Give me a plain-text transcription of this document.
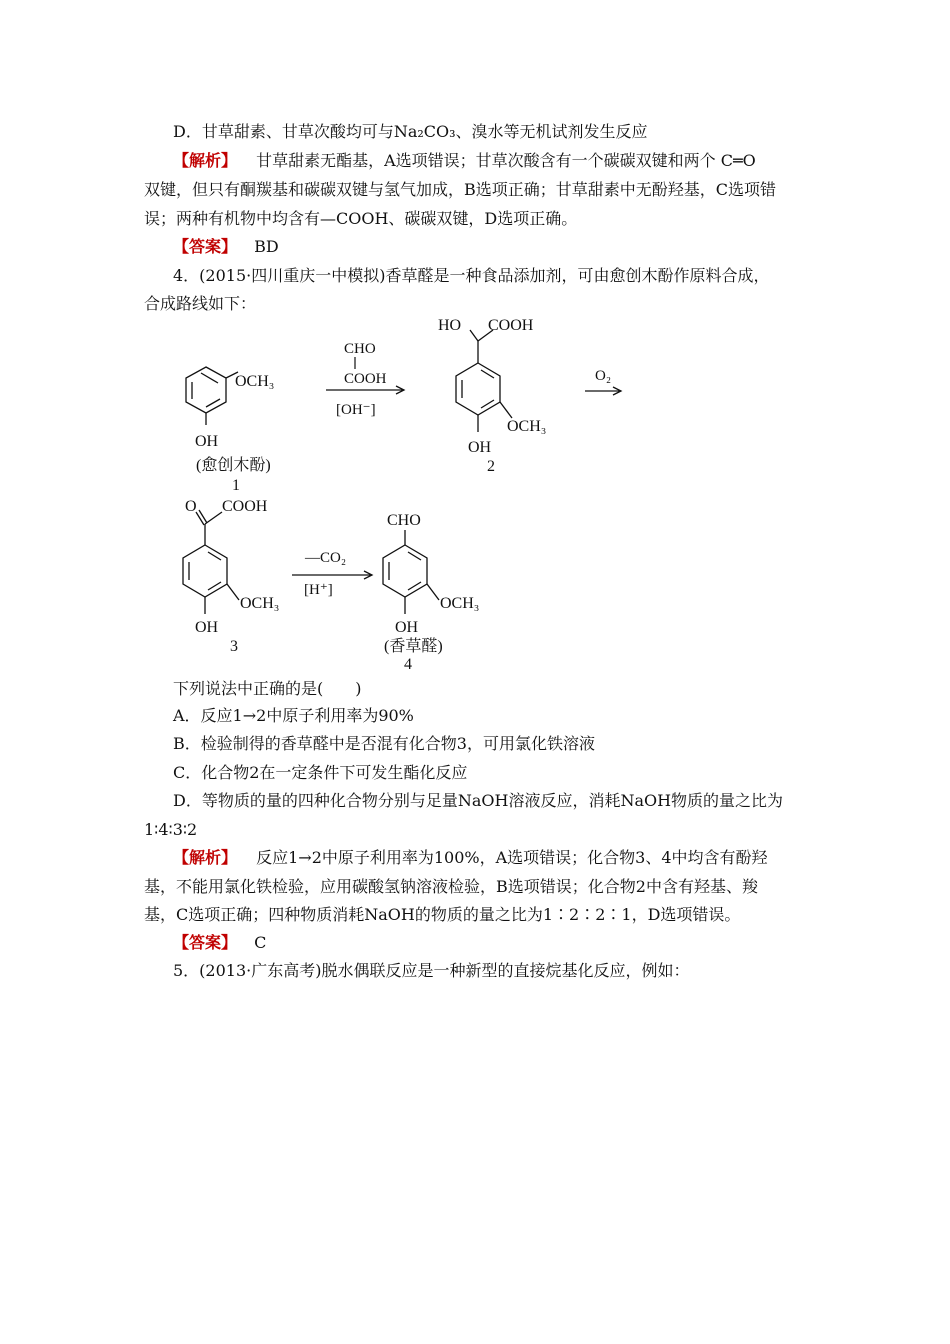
D．甘草甜素、甘草次酸均可与Na₂CO₃、溴水等无机试剂发生反应
【解析】 甘草甜素无酯基，A选项错误；甘草次酸含有一个碳碳双键和两个 C═O
双键，但只有酮羰基和碳碳双键与氢气加成，B选项正确；甘草甜素中无酚羟基，C选项错
误；两种有机物中均含有—COOH、碳碳双键，D选项正确。
【答案】 BD
4．(2015·四川重庆一中模拟)香草醛是一种食品添加剂，可由愈创木酚作原料合成，
合成路线如下：
OCH₃
OH
(愈创木酚)
1
CHO
COOH
[OH⁻]
HO COOH
OCH₃
OH
2
O₂
O COOH
OCH₃
OH
3
—CO₂
[H⁺]
CHO
OCH₃
OH
(香草醛)
4
下列说法中正确的是(　　)
A．反应1→2中原子利用率为90%
B．检验制得的香草醛中是否混有化合物3，可用氯化铁溶液
C．化合物2在一定条件下可发生酯化反应
D．等物质的量的四种化合物分别与足量NaOH溶液反应，消耗NaOH物质的量之比为
1∶4∶3∶2
【解析】 反应1→2中原子利用率为100%，A选项错误；化合物3、4中均含有酚羟
基，不能用氯化铁检验，应用碳酸氢钠溶液检验，B选项错误；化合物2中含有羟基、羧
基，C选项正确；四种物质消耗NaOH的物质的量之比为1∶2∶2∶1，D选项错误。
【答案】 C
5．(2013·广东高考)脱水偶联反应是一种新型的直接烷基化反应，例如：
